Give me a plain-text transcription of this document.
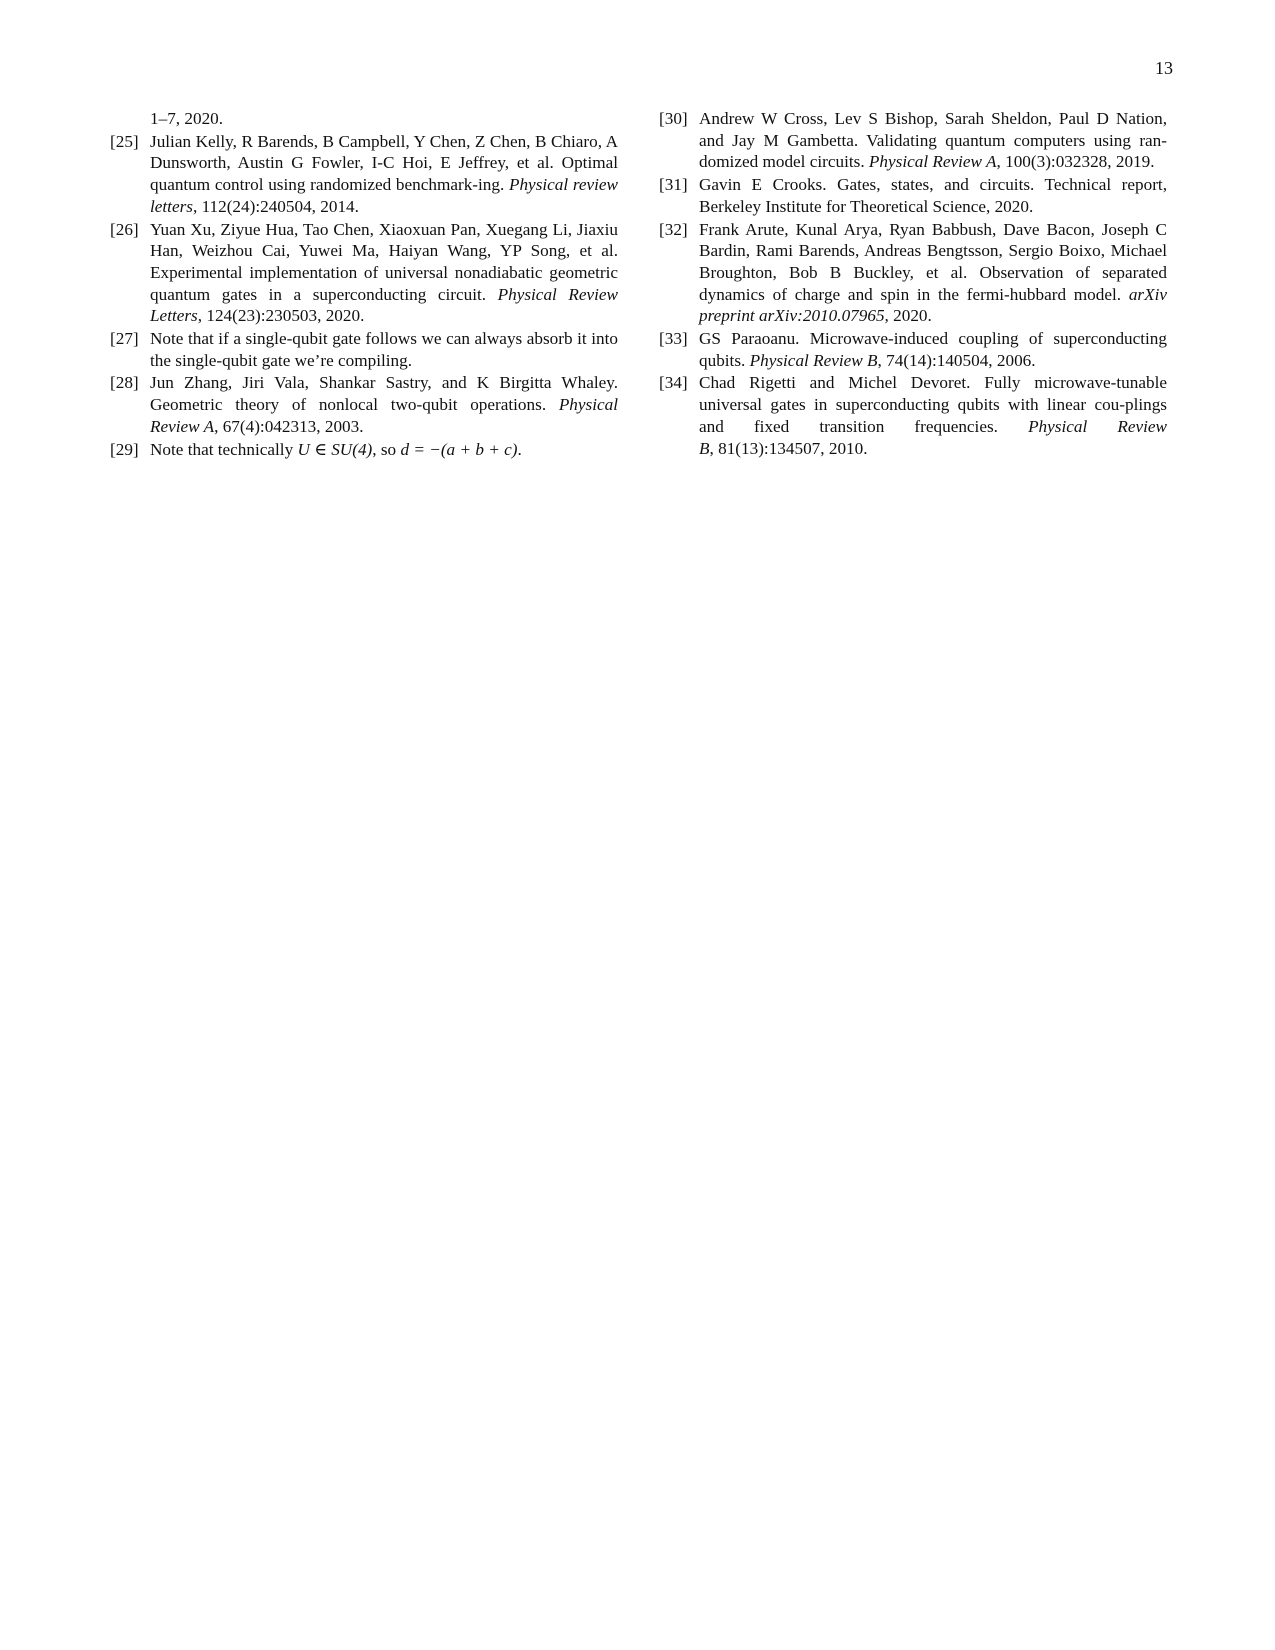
13
1–7, 2020.
[25] Julian Kelly, R Barends, B Campbell, Y Chen, Z Chen, B Chiaro, A Dunsworth, Austin G Fowler, I-C Hoi, E Jeffrey, et al. Optimal quantum control using randomized benchmark-ing. Physical review letters, 112(24):240504, 2014.
[26] Yuan Xu, Ziyue Hua, Tao Chen, Xiaoxuan Pan, Xuegang Li, Jiaxiu Han, Weizhou Cai, Yuwei Ma, Haiyan Wang, YP Song, et al. Experimental implementation of universal nonadiabatic geometric quantum gates in a superconducting circuit. Physical Review Letters, 124(23):230503, 2020.
[27] Note that if a single-qubit gate follows we can always absorb it into the single-qubit gate we’re compiling.
[28] Jun Zhang, Jiri Vala, Shankar Sastry, and K Birgitta Whaley. Geometric theory of nonlocal two-qubit operations. Physical Review A, 67(4):042313, 2003.
[29] Note that technically U ∈ SU(4), so d = −(a + b + c).
[30] Andrew W Cross, Lev S Bishop, Sarah Sheldon, Paul D Nation, and Jay M Gambetta. Validating quantum computers using ran-domized model circuits. Physical Review A, 100(3):032328, 2019.
[31] Gavin E Crooks. Gates, states, and circuits. Technical report, Berkeley Institute for Theoretical Science, 2020.
[32] Frank Arute, Kunal Arya, Ryan Babbush, Dave Bacon, Joseph C Bardin, Rami Barends, Andreas Bengtsson, Sergio Boixo, Michael Broughton, Bob B Buckley, et al. Observation of separated dynamics of charge and spin in the fermi-hubbard model. arXiv preprint arXiv:2010.07965, 2020.
[33] GS Paraoanu. Microwave-induced coupling of superconducting qubits. Physical Review B, 74(14):140504, 2006.
[34] Chad Rigetti and Michel Devoret. Fully microwave-tunable universal gates in superconducting qubits with linear cou-plings and fixed transition frequencies. Physical Review B, 81(13):134507, 2010.
